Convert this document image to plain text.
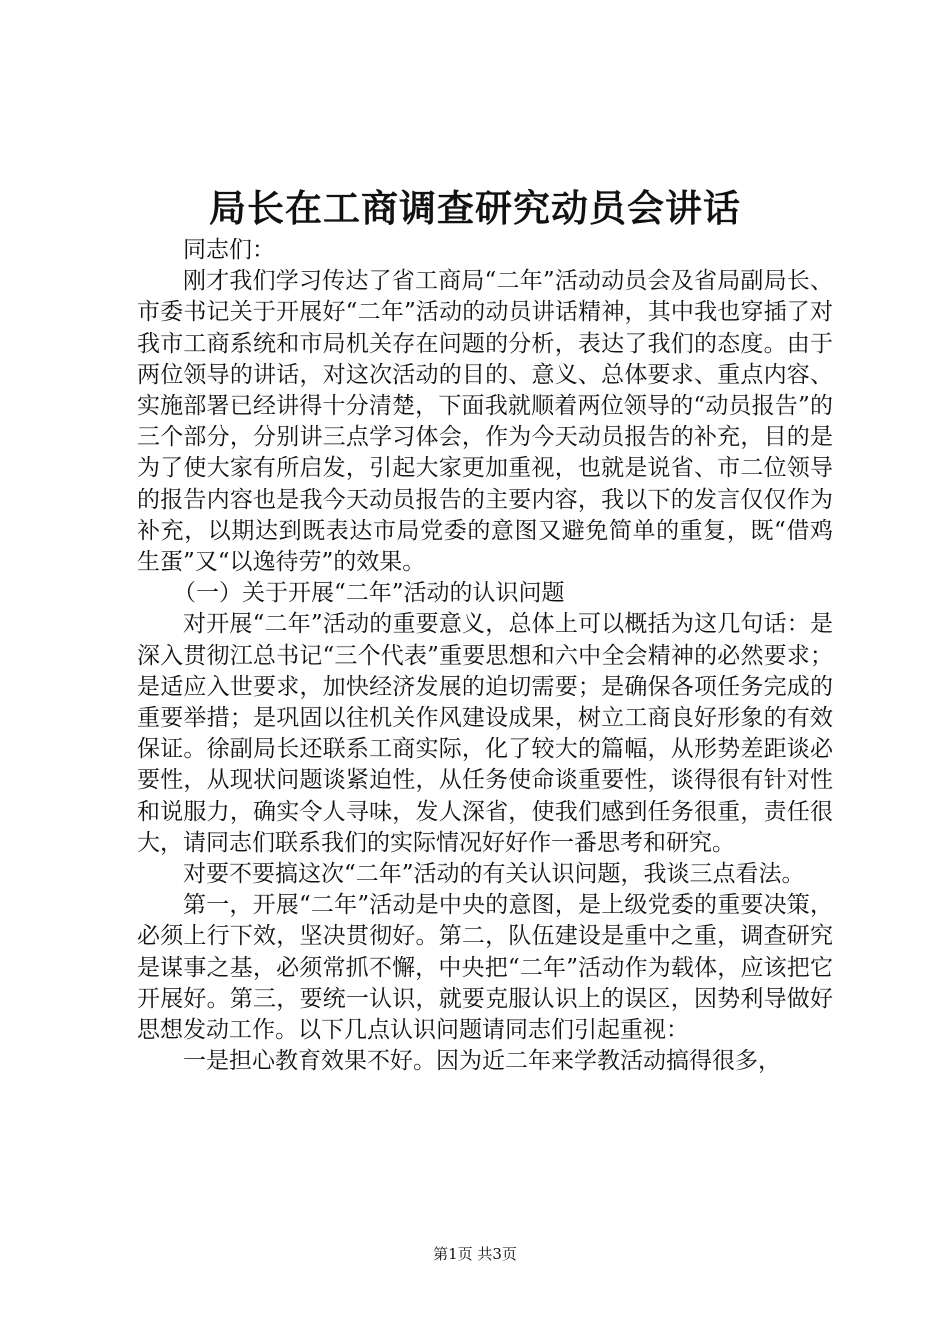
局长在工商调查研究动员会讲话

同志们：

刚才我们学习传达了省工商局“二年”活动动员会及省局副局长、市委书记关于开展好“二年”活动的动员讲话精神，其中我也穿插了对我市工商系统和市局机关存在问题的分析，表达了我们的态度。由于两位领导的讲话，对这次活动的目的、意义、总体要求、重点内容、实施部署已经讲得十分清楚，下面我就顺着两位领导的“动员报告”的三个部分，分别讲三点学习体会，作为今天动员报告的补充，目的是为了使大家有所启发，引起大家更加重视，也就是说省、市二位领导的报告内容也是我今天动员报告的主要内容，我以下的发言仅仅作为补充，以期达到既表达市局党委的意图又避免简单的重复，既“借鸡生蛋”又“以逸待劳”的效果。

（一）关于开展“二年”活动的认识问题

对开展“二年”活动的重要意义，总体上可以概括为这几句话：是深入贯彻江总书记“三个代表”重要思想和六中全会精神的必然要求；是适应入世要求，加快经济发展的迫切需要；是确保各项任务完成的重要举措；是巩固以往机关作风建设成果，树立工商良好形象的有效保证。徐副局长还联系工商实际，化了较大的篇幅，从形势差距谈必要性，从现状问题谈紧迫性，从任务使命谈重要性，谈得很有针对性和说服力，确实令人寻味，发人深省，使我们感到任务很重，责任很大，请同志们联系我们的实际情况好好作一番思考和研究。

对要不要搞这次“二年”活动的有关认识问题，我谈三点看法。

第一，开展“二年”活动是中央的意图，是上级党委的重要决策，必须上行下效，坚决贯彻好。第二，队伍建设是重中之重，调查研究是谋事之基，必须常抓不懈，中央把“二年”活动作为载体，应该把它开展好。第三，要统一认识，就要克服认识上的误区，因势利导做好思想发动工作。以下几点认识问题请同志们引起重视：

一是担心教育效果不好。因为近二年来学教活动搞得很多，

第1页 共3页
